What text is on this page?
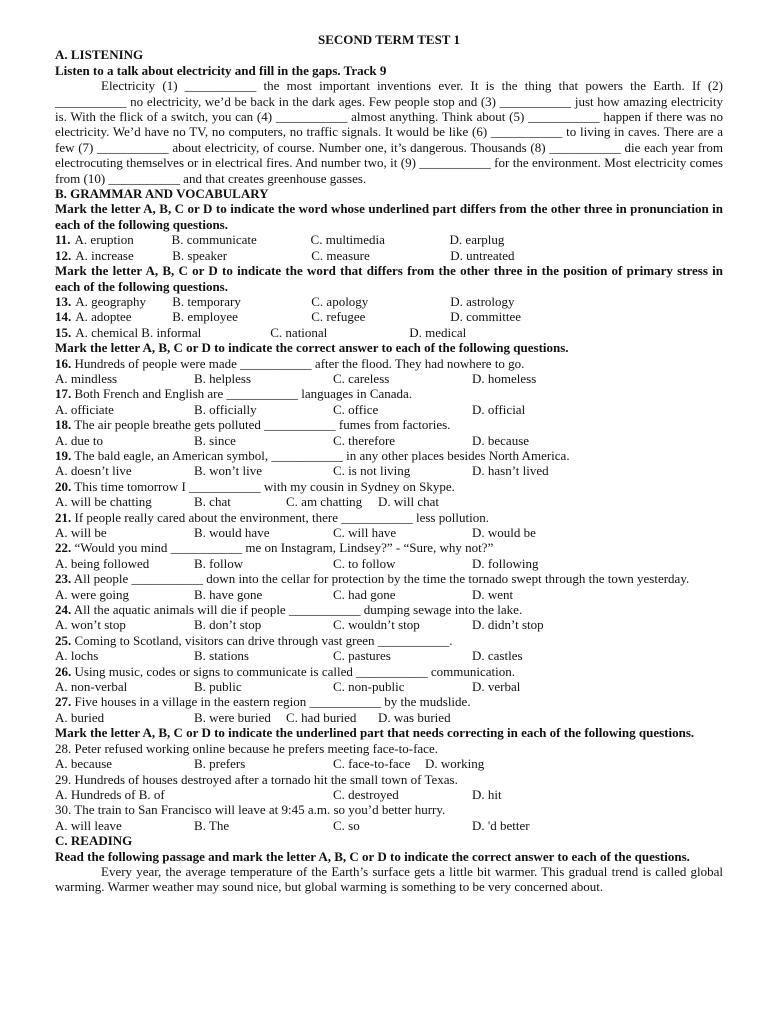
SECOND TERM TEST 1
A. LISTENING
Listen to a talk about electricity and fill in the gaps. Track 9
Electricity (1) ___________ the most important inventions ever. It is the thing that powers the Earth. If (2) ___________ no electricity, we’d be back in the dark ages. Few people stop and (3) ___________ just how amazing electricity is. With the flick of a switch, you can (4) ___________ almost anything. Think about (5) ___________ happen if there was no electricity. We’d have no TV, no computers, no traffic signals. It would be like (6) ___________ to living in caves. There are a few (7) ___________ about electricity, of course. Number one, it’s dangerous. Thousands (8) ___________ die each year from electrocuting themselves or in electrical fires. And number two, it (9) ___________ for the environment. Most electricity comes from (10) ___________ and that creates greenhouse gasses.
B. GRAMMAR AND VOCABULARY
Mark the letter A, B, C or D to indicate the word whose underlined part differs from the other three in pronunciation in each of the following questions.
11. A. eruption	B. communicate	C. multimedia	D. earplug
12. A. increase	B. speaker	C. measure	D. untreated
Mark the letter A, B, C or D to indicate the word that differs from the other three in the position of primary stress in each of the following questions.
13. A. geography	B. temporary	C. apology	D. astrology
14. A. adoptee	B. employee	C. refugee	D. committee
15. A. chemical B. informal	C. national	D. medical
Mark the letter A, B, C or D to indicate the correct answer to each of the following questions.
16. Hundreds of people were made ___________ after the flood. They had nowhere to go.
A. mindless	B. helpless	C. careless	D. homeless
17. Both French and English are ___________ languages in Canada.
A. officiate	B. officially	C. office	D. official
18. The air people breathe gets polluted ___________ fumes from factories.
A. due to	B. since	C. therefore	D. because
19. The bald eagle, an American symbol, ___________ in any other places besides North America.
A. doesn’t live	B. won’t live	C. is not living	D. hasn’t lived
20. This time tomorrow I ___________ with my cousin in Sydney on Skype.
A. will be chatting	B. chat	C. am chatting	D. will chat
21. If people really cared about the environment, there ___________ less pollution.
A. will be	B. would have	C. will have	D. would be
22. “Would you mind ___________ me on Instagram, Lindsey?” - “Sure, why not?”
A. being followed	B. follow	C. to follow	D. following
23. All people ___________ down into the cellar for protection by the time the tornado swept through the town yesterday.
A. were going	B. have gone	C. had gone	D. went
24. All the aquatic animals will die if people ___________ dumping sewage into the lake.
A. won’t stop	B. don’t stop	C. wouldn’t stop	D. didn’t stop
25. Coming to Scotland, visitors can drive through vast green ___________.
A. lochs	B. stations	C. pastures	D. castles
26. Using music, codes or signs to communicate is called ___________ communication.
A. non-verbal	B. public	C. non-public	D. verbal
27. Five houses in a village in the eastern region ___________ by the mudslide.
A. buried	B. were buried	C. had buried	D. was buried
Mark the letter A, B, C or D to indicate the underlined part that needs correcting in each of the following questions.
28. Peter refused working online because he prefers meeting face-to-face.
A. because	B. prefers	C. face-to-face	D. working
29. Hundreds of houses destroyed after a tornado hit the small town of Texas.
A. Hundreds of B. of	C. destroyed	D. hit
30. The train to San Francisco will leave at 9:45 a.m. so you’d better hurry.
A. will leave	B. The	C. so	D. 'd better
C. READING
Read the following passage and mark the letter A, B, C or D to indicate the correct answer to each of the questions.
Every year, the average temperature of the Earth’s surface gets a little bit warmer. This gradual trend is called global warming. Warmer weather may sound nice, but global warming is something to be very concerned about.
